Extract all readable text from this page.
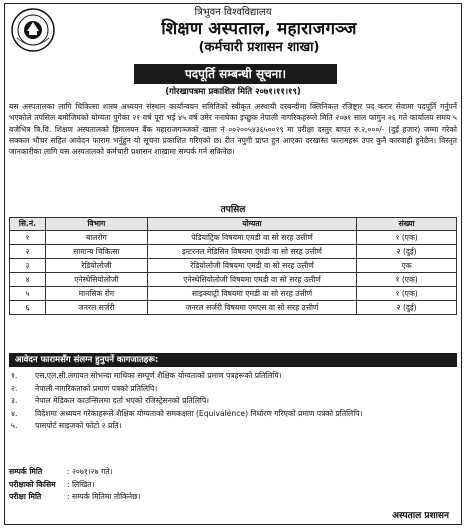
त्रिभुवन विश्वविद्यालय
शिक्षण अस्पताल, महाराजगञ्ज
(कर्मचारी प्रशासन शाखा)
पदपूर्ति सम्बन्धी सूचना।
(गोरखापत्रमा प्रकाशित मिति २०७१।११।१९)
यस अस्पतालका लागि चिकित्सा शास्त्र अध्ययन संस्थान कार्यान्वयन समितिको स्वीकृत अस्थायी दरबन्दीमा क्लिनिकल रजिष्ट्रार पद करार सेवामा पदपूर्ति गर्नुपर्ने भएकोले तपसिल बमोजिमको योग्यता पुगेका २१ वर्ष पूरा भई ४५ वर्ष उमेर ननाघेका इच्छुक नेपाली नागरिकहरूले मिति २०७१ साल फागुन २६ गते कार्यालय समय ५ बजेभित्र त्रि.वि. शिक्षण अस्पतालको हिमालयन बैंक महाराजगञ्जको खाता नं ००२००५४३६५००१९ मा परीक्षा दस्तुर बापत रु.२,०००/- (दुई हजार) जम्मा गरेको सक्कल भौचर सहित आवेदन फाराम भर्नुहुन यो सूचना प्रकाशित गरिएको छ। रीत नपुगी प्राप्त हुन आएका दरखास्त फारामहरू उपर कुनै कारवाही हुनेछैन। विस्तृत जानकारीका लागि यस अस्पतालको कर्मचारी प्रशासन शाखामा सम्पर्क गर्न सकिनेछ।
तपसिल
सि.नं.	विभाग	योग्यता	संख्या
१	बालरोग	पेडियाट्रिक विषयमा एमडी वा सो सरह उत्तीर्ण	१ (एक)
२	सामान्य चिकित्सा	इन्टरनल मेडिसिन विषयमा एमडी वा सो सरह उत्तीर्ण	२ (दुई)
३	रेडियोलोजी	रेडियोलोजी विषयमा एमडी वा सो सरह उत्तीर्ण	एक
४	एनेस्थेसियोलोजी	एनेस्थेसियोलोजी विषयमा एमडी वा सो सरह उत्तीर्ण	१ (एक)
५	मानसिक रोग	साइक्याट्री विषयमा एमडी वा सो सरह उत्तीर्ण	१ (एक)
६	जनरल सर्जरी	जनरल सर्जरी विषयमा एमएस वा सो सरह उत्तीर्ण	२ (दुई)
आवेदन फारामसँग संलग्न हुनुपर्ने कागजातहरू:
१.	एस.एल.सी.लगायत सोभन्दा माथिका सम्पूर्ण शैक्षिक योग्यताको प्रमाण पत्रहरूको प्रतिलिपि।
२.	नेपाली नागरिकताको प्रमाण पत्रको प्रतिलिपि।
३.	नेपाल मेडिकल काउन्सिलमा दर्ता भएको रजिस्ट्रेसनको प्रतिलिपि।
४.	विदेशमा अध्ययन गरेकाहरूले शैक्षिक योग्यताको समकक्षता (Equivalence) निर्धारण गरिएको प्रमाण पत्रको प्रतिलिपि।
५.	पासपोर्ट साइजको फोटो २ प्रति।
सम्पर्क मिति	: २०७१।२७ गते।
परीक्षाको किसिम	: लिखित।
परीक्षा मिति	: सम्पर्क मितिमा तोकिनेछ।
अस्पताल प्रशासन
